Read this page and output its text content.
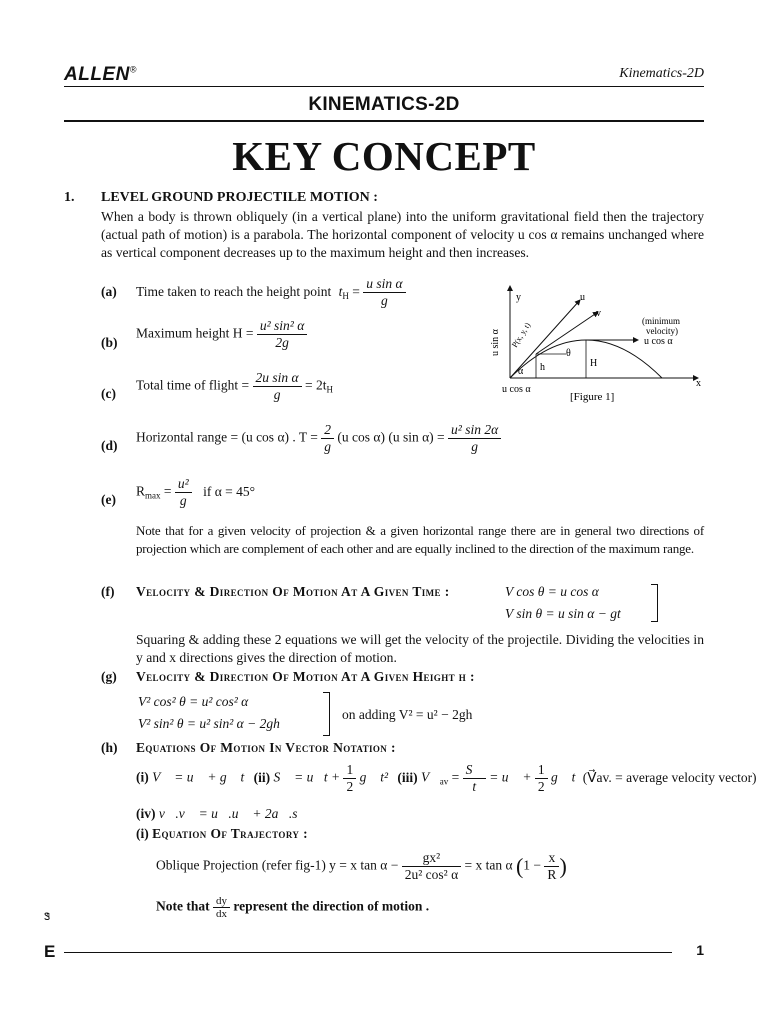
ALLEN®	Kinematics-2D
KINEMATICS-2D
KEY CONCEPT
1. LEVEL GROUND PROJECTILE MOTION :
When a body is thrown obliquely (in a vertical plane) into the uniform gravitational field then the trajectory (actual path of motion) is a parabola. The horizontal component of velocity u cos α remains unchanged where as vertical component decreases up to the maximum height and then increases.
(a) Time taken to reach the height point $t_H = \frac{\text{u sin α}}{g}$
(b)
Maximum height $H = \frac{\text{u² sin² α}}{2g}$
(c)
Total time of flight = $\frac{\text{2u sin α}}{g} = 2t_H$
(d)
Horizontal range = (u cos α) . $T = \frac{2}{g} (u$ cos α) (u $\sin \alpha) = \frac{\text{u² sin 2α}}{g}$
(e)
$R_{max} = \frac{\text{u²}}{g}$ if α = 45°
Note that for a given velocity of projection & a given horizontal range there are in general two directions of projection which are complement of each other and are equally inclined to the direction of the maximum range.
(f) Velocity & Direction Of Motion At A Given Time :	V cos θ = u cos α
V sin θ = u sin α − gt
Squaring & adding these 2 equations we will get the velocity of the projectile. Dividing the velocities in y and x directions gives the direction of motion.
(g) Velocity & Direction Of Motion At A Given Height h :
V² cos² θ = u² cos² α
V² sin² θ = u² sin² α − 2gh
on adding V² = u² − 2gh
(h) Equations Of Motion In Vector Notation :
(i) V⃗ = u⃗ + g⃗ t (ii) S⃗ = u⃗t + $\frac{1}{2}$ g⃗ t² (iii) $V⃗_{av} = \frac{S⃗}{t}$ = u⃗ + $\frac{1}{2}$ g⃗ t (V⃗av. = average velocity vector)
(iv) v⃗.v⃗ = u⃗.u⃗ + 2a⃗.s⃗
(i) Equation Of Trajectory :
Oblique Projection (refer fig-1) y = x $\tan \alpha - \frac{\text{gx²}}{\text{2u² cos² α}} = x$ tan α ($1 - \frac{x}{R}$ )
Note that $\frac{dy}{dx}$ represent the direction of motion .
y
x
u
v
(minimum
velocity)
u cos α
u sin α
u cos α
H
h
θ
α
P(x, y, t)
[Figure 1]
Ꮥ
E	1
